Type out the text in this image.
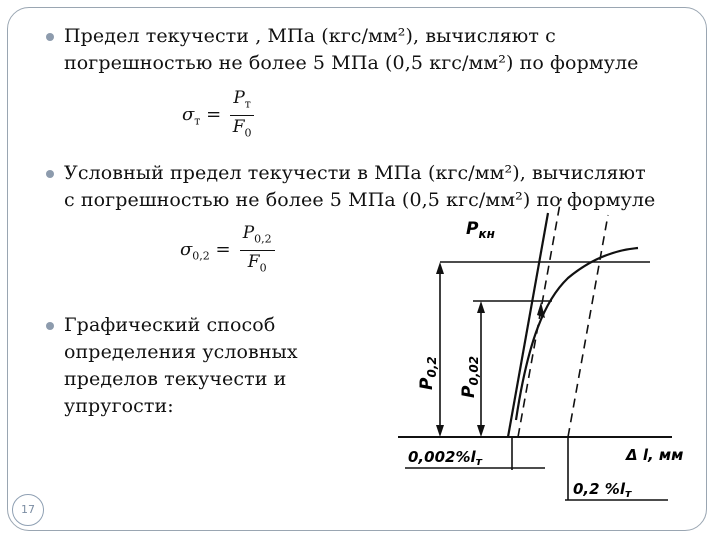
Предел текучести , МПа (кгс/мм²), вычисляют с
погрешностью не более 5 МПа (0,5 кгс/мм²) по формуле
$\sigma_т = \frac{P_т}{F_0}$
Условный предел текучести в МПа (кгс/мм²), вычисляют
с погрешностью не более 5 МПа (0,5 кгс/мм²) по формуле
$\sigma_{0,2} = \frac{P_{0,2}}{F_0}$
Графический способ
определения условных
пределов текучести и
упругости:
$P_{кн}$
$P_{0,2}$
$P_{0,02}$
$0,002\%l_т$
0,2 $\%l_т$
Δ l, мм
17
